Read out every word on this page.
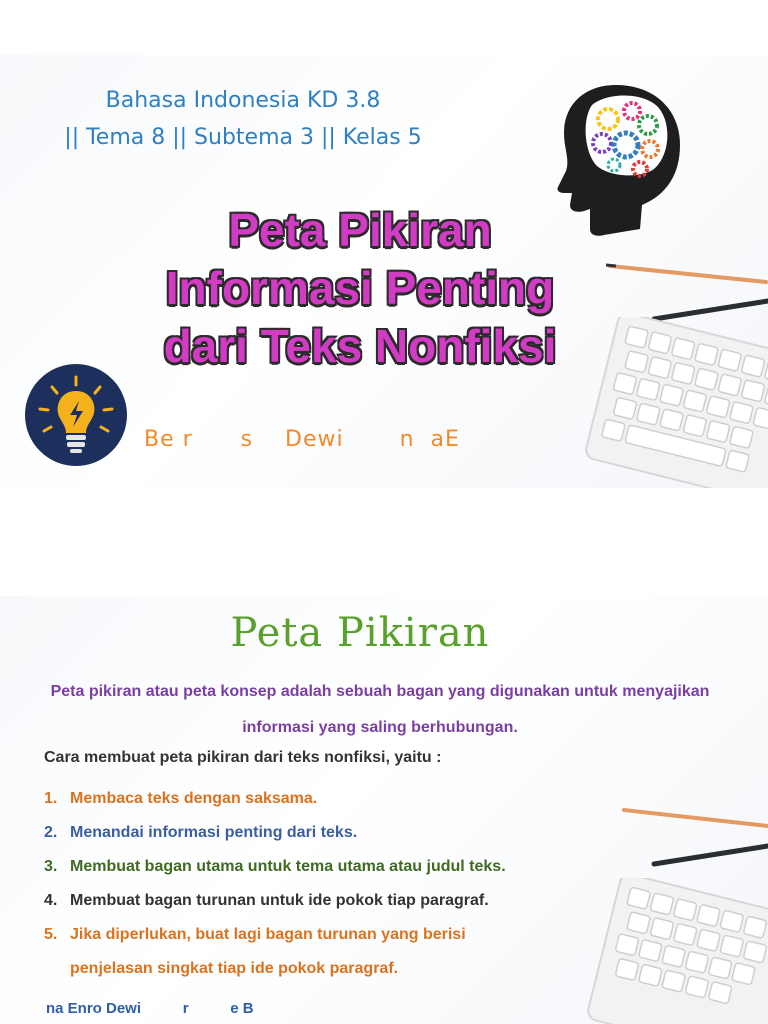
Bahasa Indonesia KD 3.8
|| Tema 8 || Subtema 3 || Kelas 5
Peta Pikiran
Informasi Penting
dari Teks Nonfiksi
Be r      s    Dewi       n  aE
Peta Pikiran
Peta pikiran atau peta konsep adalah sebuah bagan yang digunakan untuk menyajikan informasi yang saling berhubungan.
Cara membuat peta pikiran dari teks nonfiksi, yaitu :
1. Membaca teks dengan saksama.
2. Menandai informasi penting dari teks.
3. Membuat bagan utama untuk tema utama atau judul teks.
4. Membuat bagan turunan untuk ide pokok tiap paragraf.
5. Jika diperlukan, buat lagi bagan turunan yang berisi penjelasan singkat tiap ide pokok paragraf.
na Enro Dewi          r          e B
